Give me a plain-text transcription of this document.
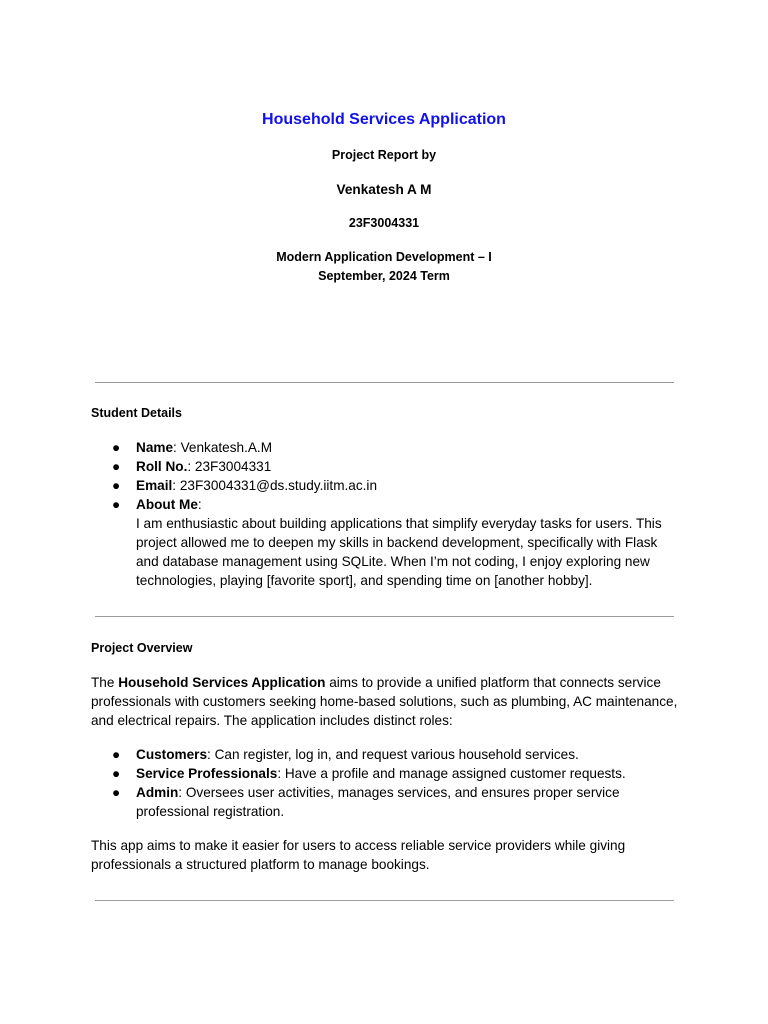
Household Services Application
Project Report by
Venkatesh A M
23F3004331
Modern Application Development – I
September, 2024 Term
Student Details
● Name: Venkatesh.A.M
● Roll No.: 23F3004331
● Email: 23F3004331@ds.study.iitm.ac.in
● About Me:
I am enthusiastic about building applications that simplify everyday tasks for users. This project allowed me to deepen my skills in backend development, specifically with Flask and database management using SQLite. When I’m not coding, I enjoy exploring new technologies, playing [favorite sport], and spending time on [another hobby].
Project Overview
The Household Services Application aims to provide a unified platform that connects service professionals with customers seeking home-based solutions, such as plumbing, AC maintenance, and electrical repairs. The application includes distinct roles:
● Customers: Can register, log in, and request various household services.
● Service Professionals: Have a profile and manage assigned customer requests.
● Admin: Oversees user activities, manages services, and ensures proper service professional registration.
This app aims to make it easier for users to access reliable service providers while giving professionals a structured platform to manage bookings.
